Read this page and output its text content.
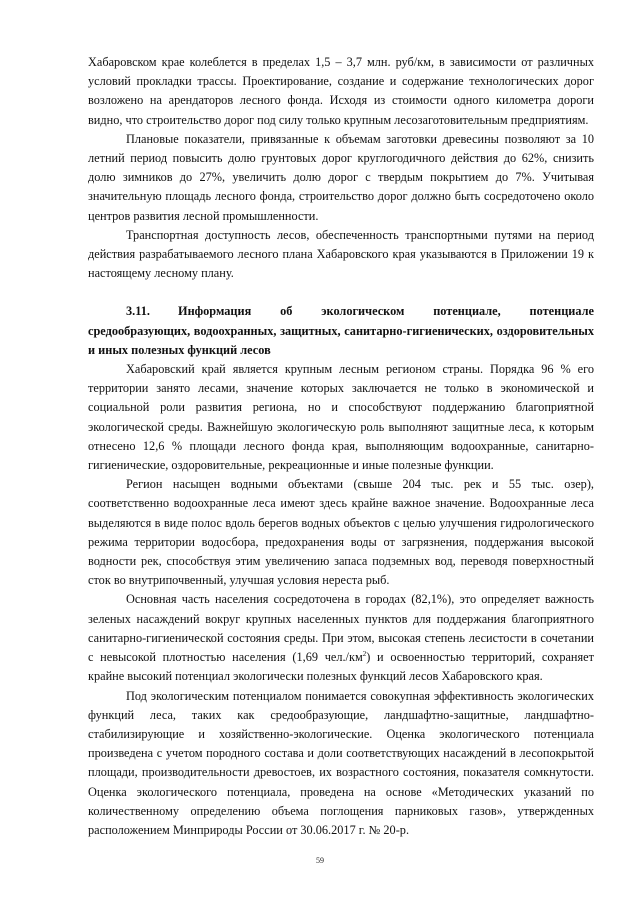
Хабаровском крае колеблется в пределах 1,5 – 3,7 млн. руб/км, в зависимости от различных условий прокладки трассы. Проектирование, создание и содержание технологических дорог возложено на арендаторов лесного фонда. Исходя из стоимости одного километра дороги видно, что строительство дорог под силу только крупным лесозаготовительным предприятиям.

Плановые показатели, привязанные к объемам заготовки древесины позволяют за 10 летний период повысить долю грунтовых дорог круглогодичного действия до 62%, снизить долю зимников до 27%, увеличить долю дорог с твердым покрытием до 7%. Учитывая значительную площадь лесного фонда, строительство дорог должно быть сосредоточено около центров развития лесной промышленности.

Транспортная доступность лесов, обеспеченность транспортными путями на период действия разрабатываемого лесного плана Хабаровского края указываются в Приложении 19 к настоящему лесному плану.

3.11. Информация об экологическом потенциале, потенциале средообразующих, водоохранных, защитных, санитарно-гигиенических, оздоровительных и иных полезных функций лесов

Хабаровский край является крупным лесным регионом страны. Порядка 96 % его территории занято лесами, значение которых заключается не только в экономической и социальной роли развития региона, но и способствуют поддержанию благоприятной экологической среды. Важнейшую экологическую роль выполняют защитные леса, к которым отнесено 12,6 % площади лесного фонда края, выполняющим водоохранные, санитарно-гигиенические, оздоровительные, рекреационные и иные полезные функции.

Регион насыщен водными объектами (свыше 204 тыс. рек и 55 тыс. озер), соответственно водоохранные леса имеют здесь крайне важное значение. Водоохранные леса выделяются в виде полос вдоль берегов водных объектов с целью улучшения гидрологического режима территории водосбора, предохранения воды от загрязнения, поддержания высокой водности рек, способствуя этим увеличению запаса подземных вод, переводя поверхностный сток во внутрипочвенный, улучшая условия нереста рыб.

Основная часть населения сосредоточена в городах (82,1%), это определяет важность зеленых насаждений вокруг крупных населенных пунктов для поддержания благоприятного санитарно-гигиенической состояния среды. При этом, высокая степень лесистости в сочетании с невысокой плотностью населения (1,69 $чел./км^2$) и освоенностью территорий, сохраняет крайне высокий потенциал экологически полезных функций лесов Хабаровского края.

Под экологическим потенциалом понимается совокупная эффективность экологических функций леса, таких как средообразующие, ландшафтно-защитные, ландшафтно-стабилизирующие и хозяйственно-экологические. Оценка экологического потенциала произведена с учетом породного состава и доли соответствующих насаждений в лесопокрытой площади, производительности древостоев, их возрастного состояния, показателя сомкнутости. Оценка экологического потенциала, проведена на основе «Методических указаний по количественному определению объема поглощения парниковых газов», утвержденных расположением Минприроды России от 30.06.2017 г. № 20-р.

59
